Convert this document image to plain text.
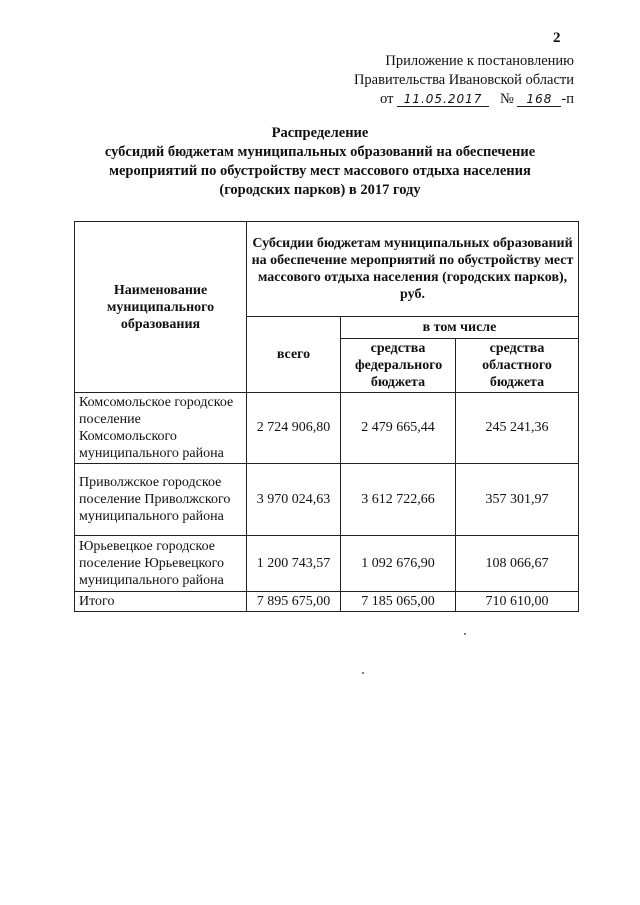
2
Приложение к постановлению
Правительства Ивановской области
от 11.05.2017 № 168 -п
Распределение
субсидий бюджетам муниципальных образований на обеспечение
мероприятий по обустройству мест массового отдыха населения
(городских парков) в 2017 году
Наименование муниципального образования	Субсидии бюджетам муниципальных образований
на обеспечение мероприятий по обустройству мест массового отдыха населения (городских парков), руб.		

	всего	в том числе	
		средства федерального бюджета	средства областного бюджета
Комсомольское городское поселение Комсомольского муниципального района	2 724 906,80	2 479 665,44	245 241,36
Приволжское городское поселение Приволжского муниципального района	3 970 024,63	3 612 722,66	357 301,97
Юрьевецкое городское поселение Юрьевецкого муниципального района	1 200 743,57	1 092 676,90	108 066,67
Итого	7 895 675,00	7 185 065,00	710 610,00
